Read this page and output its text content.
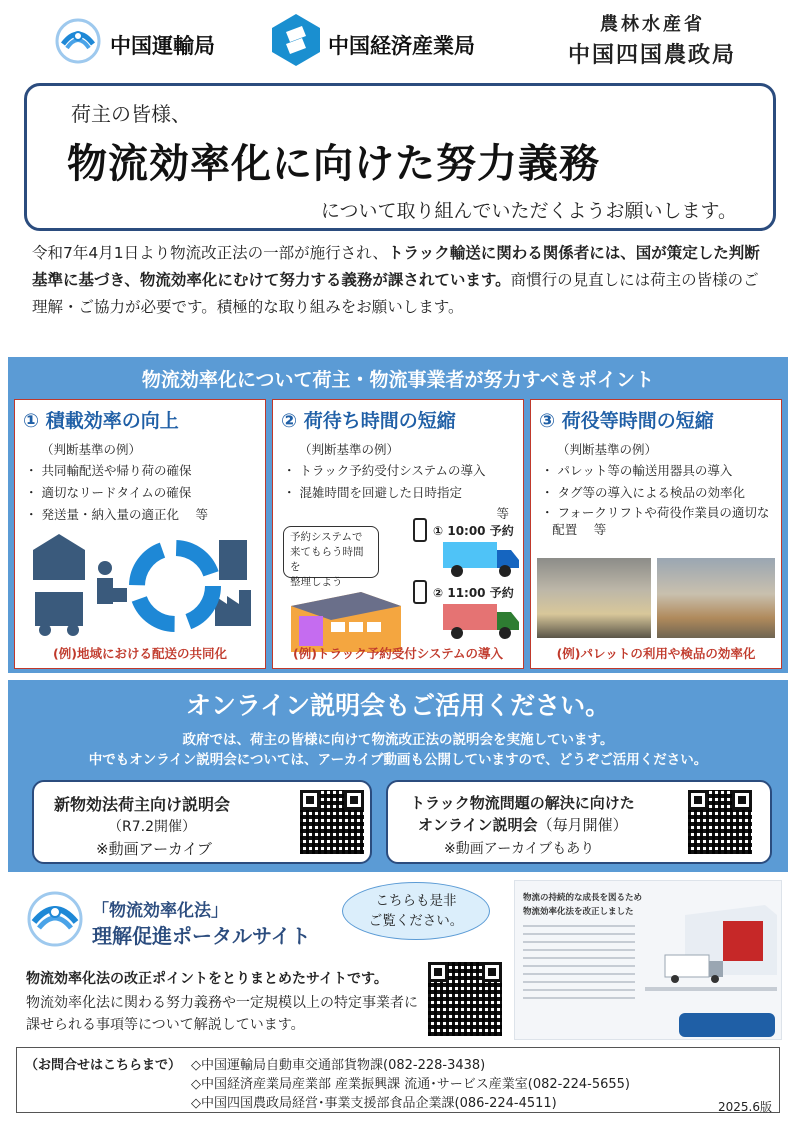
中国運輸局	中国経済産業局
農林水産省
中国四国農政局
荷主の皆様、
物流効率化に向けた努力義務
について取り組んでいただくようお願いします。
令和7年4月1日より物流改正法の一部が施行され、トラック輸送に関わる関係者には、国が策定した判断基準に基づき、物流効率化にむけて努力する義務が課されています。商慣行の見直しには荷主の皆様のご理解・ご協力が必要です。積極的な取り組みをお願いします。
物流効率化について荷主・物流事業者が努力すべきポイント
① 積載効率の向上
（判断基準の例）
・ 共同輸配送や帰り荷の確保
・ 適切なリードタイムの確保
・ 発送量・納入量の適正化　 等
(例)地域における配送の共同化
② 荷待ち時間の短縮
（判断基準の例）
・ トラック予約受付システムの導入
・ 混雑時間を回避した日時指定
等
予約システムで
来てもらう時間を
整理しよう
① 10:00 予約
② 11:00 予約
(例)トラック予約受付システムの導入
③ 荷役等時間の短縮
（判断基準の例）
・ パレット等の輸送用器具の導入
・ タグ等の導入による検品の効率化
・ フォークリフトや荷役作業員の適切な配置　 等
(例)パレットの利用や検品の効率化
オンライン説明会もご活用ください。
政府では、荷主の皆様に向けて物流改正法の説明会を実施しています。
中でもオンライン説明会については、アーカイブ動画も公開していますので、どうぞご活用ください。
新物効法荷主向け説明会
（R7.2開催）
※動画アーカイブ
トラック物流問題の解決に向けた
オンライン説明会（毎月開催）
※動画アーカイブもあり
「物流効率化法」
理解促進ポータルサイト
こちらも是非
ご覧ください。
物流効率化法の改正ポイントをとりまとめたサイトです。
物流効率化法に関わる努力義務や一定規模以上の特定事業者に課せられる事項等について解説しています。
物流の持続的な成長を図るため
物流効率化法を改正しました
（お問合せはこちらまで） ◇中国運輸局自動車交通部貨物課(082-228-3438)
◇中国経済産業局産業部 産業振興課 流通･サービス産業室(082-224-5655)
◇中国四国農政局経営･事業支援部食品企業課(086-224-4511)	2025.6版
